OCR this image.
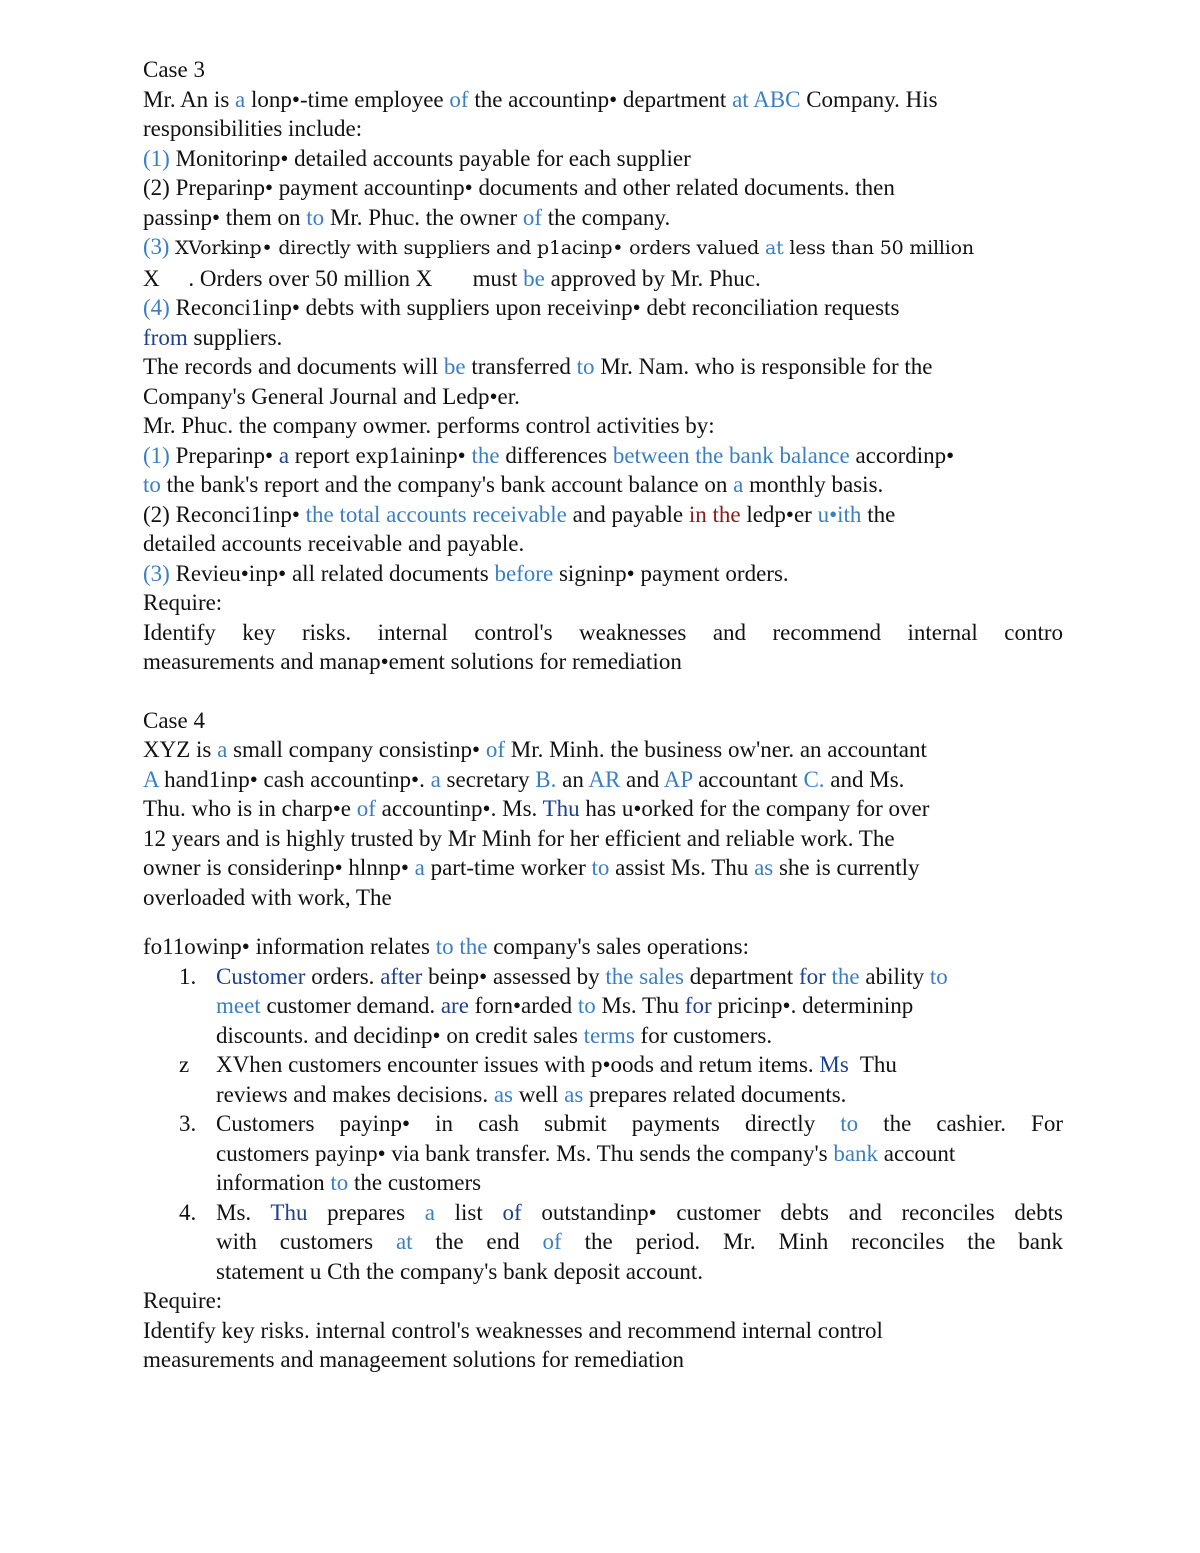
Case 3
Mr. An is a lonp•-time employee of the accountinp• department at ABC Company. His
responsibilities include:
(1) Monitorinp• detailed accounts payable for each supplier
(2) Preparinp• payment accountinp• documents and other related documents. then
passinp• them on to Mr. Phuc. the owner of the company.
(3) XVorkinp• directly with suppliers and p1acinp• orders valued at less than 50 million
X     . Orders over 50 million X       must be approved by Mr. Phuc.
(4) Reconci1inp• debts with suppliers upon receivinp• debt reconciliation requests
from suppliers.
The records and documents will be transferred to Mr. Nam. who is responsible for the
Company's General Journal and Ledp•er.
Mr. Phuc. the company owmer. performs control activities by:
(1) Preparinp• a report exp1aininp• the differences between the bank balance accordinp•
to the bank's report and the company's bank account balance on a monthly basis.
(2) Reconci1inp• the total accounts receivable and payable in the ledp•er u•ith the
detailed accounts receivable and payable.
(3) Revieu•inp• all related documents before signinp• payment orders.
Require:
Identify key risks. internal control's weaknesses and recommend internal contro
measurements and manap•ement solutions for remediation
Case 4
XYZ is a small company consistinp• of Mr. Minh. the business ow'ner. an accountant
A hand1inp• cash accountinp•. a secretary B. an AR and AP accountant C. and Ms.
Thu. who is in charp•e of accountinp•. Ms. Thu has u•orked for the company for over
12 years and is highly trusted by Mr Minh for her efficient and reliable work. The
owner is considerinp• hlnnp• a part-time worker to assist Ms. Thu as she is currently
overloaded with work, The
fo11owinp• information relates to the company's sales operations:
1. Customer orders. after beinp• assessed by the sales department for the ability to
meet customer demand. are forn•arded to Ms. Thu for pricinp•. determininp
discounts. and decidinp• on credit sales terms for customers.
z XVhen customers encounter issues with p•oods and retum items. Ms  Thu
reviews and makes decisions. as well as prepares related documents.
3. Customers payinp• in cash submit payments directly to the cashier. For
customers payinp• via bank transfer. Ms. Thu sends the company's bank account
information to the customers
4. Ms. Thu prepares a list of outstandinp• customer debts and reconciles debts
with customers at the end of the period. Mr. Minh reconciles the bank
statement u Cth the company's bank deposit account.
Require:
Identify key risks. internal control's weaknesses and recommend internal control
measurements and manageement solutions for remediation
